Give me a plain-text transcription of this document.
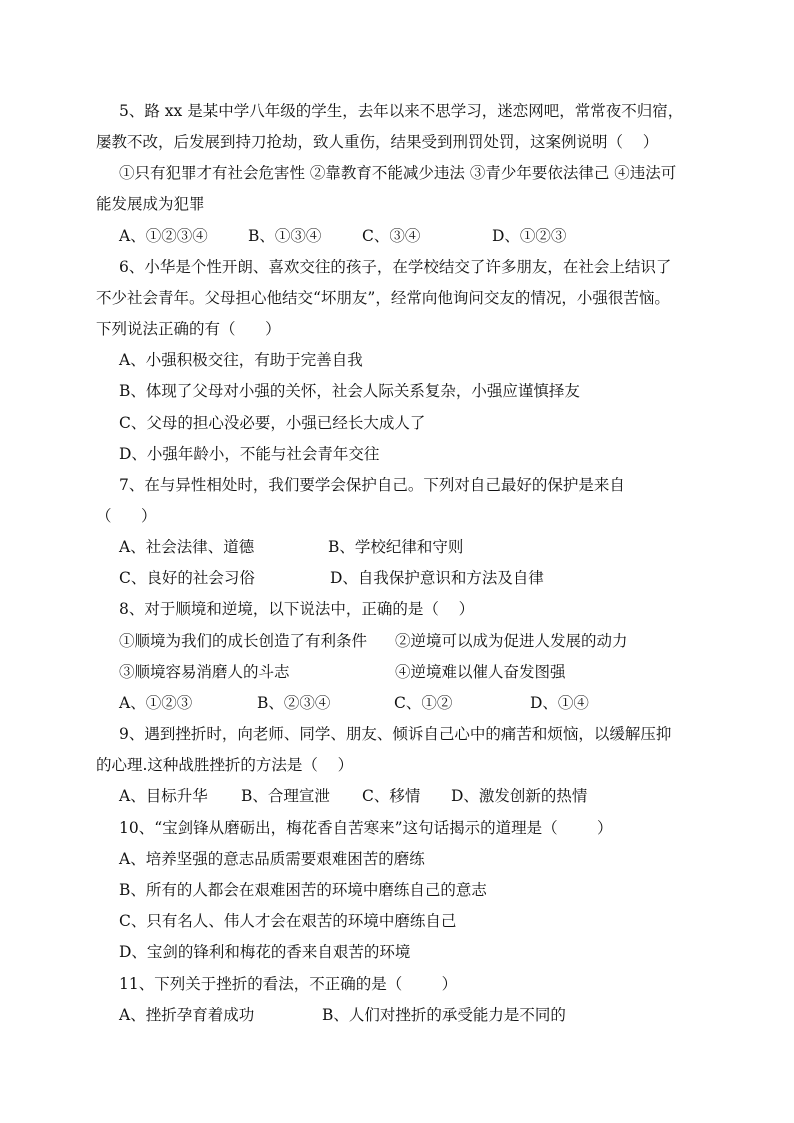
5、路 xx 是某中学八年级的学生，去年以来不思学习，迷恋网吧，常常夜不归宿，
屡教不改，后发展到持刀抢劫，致人重伤，结果受到刑罚处罚，这案例说明（    ）
①只有犯罪才有社会危害性 ②靠教育不能减少违法 ③青少年要依法律己 ④违法可
能发展成为犯罪
A、①②③④	B、①③④	C、③④	D、①②③
6、小华是个性开朗、喜欢交往的孩子，在学校结交了许多朋友，在社会上结识了
不少社会青年。父母担心他结交“坏朋友”，经常向他询问交友的情况，小强很苦恼。
下列说法正确的有（      ）
A、小强积极交往，有助于完善自我
B、体现了父母对小强的关怀，社会人际关系复杂，小强应谨慎择友
C、父母的担心没必要，小强已经长大成人了
D、小强年龄小，不能与社会青年交往
7、在与异性相处时，我们要学会保护自己。下列对自己最好的保护是来自
（      ）
A、社会法律、道德	B、学校纪律和守则
C、良好的社会习俗	D、自我保护意识和方法及自律
8、对于顺境和逆境，以下说法中，正确的是（    ）
①顺境为我们的成长创造了有利条件 ②逆境可以成为促进人发展的动力
③顺境容易消磨人的斗志	④逆境难以催人奋发图强
A、①②③	B、②③④	C、①②	D、①④
9、遇到挫折时，向老师、同学、朋友、倾诉自己心中的痛苦和烦恼，以缓解压抑
的心理.这种战胜挫折的方法是（    ）
A、目标升华 B、合理宣泄 C、移情 D、激发创新的热情
10、“宝剑锋从磨砺出，梅花香自苦寒来”这句话揭示的道理是（        ）
A、培养坚强的意志品质需要艰难困苦的磨练
B、所有的人都会在艰难困苦的环境中磨练自己的意志
C、只有名人、伟人才会在艰苦的环境中磨练自己
D、宝剑的锋利和梅花的香来自艰苦的环境
11、下列关于挫折的看法，不正确的是（        ）
A、挫折孕育着成功	B、人们对挫折的承受能力是不同的
